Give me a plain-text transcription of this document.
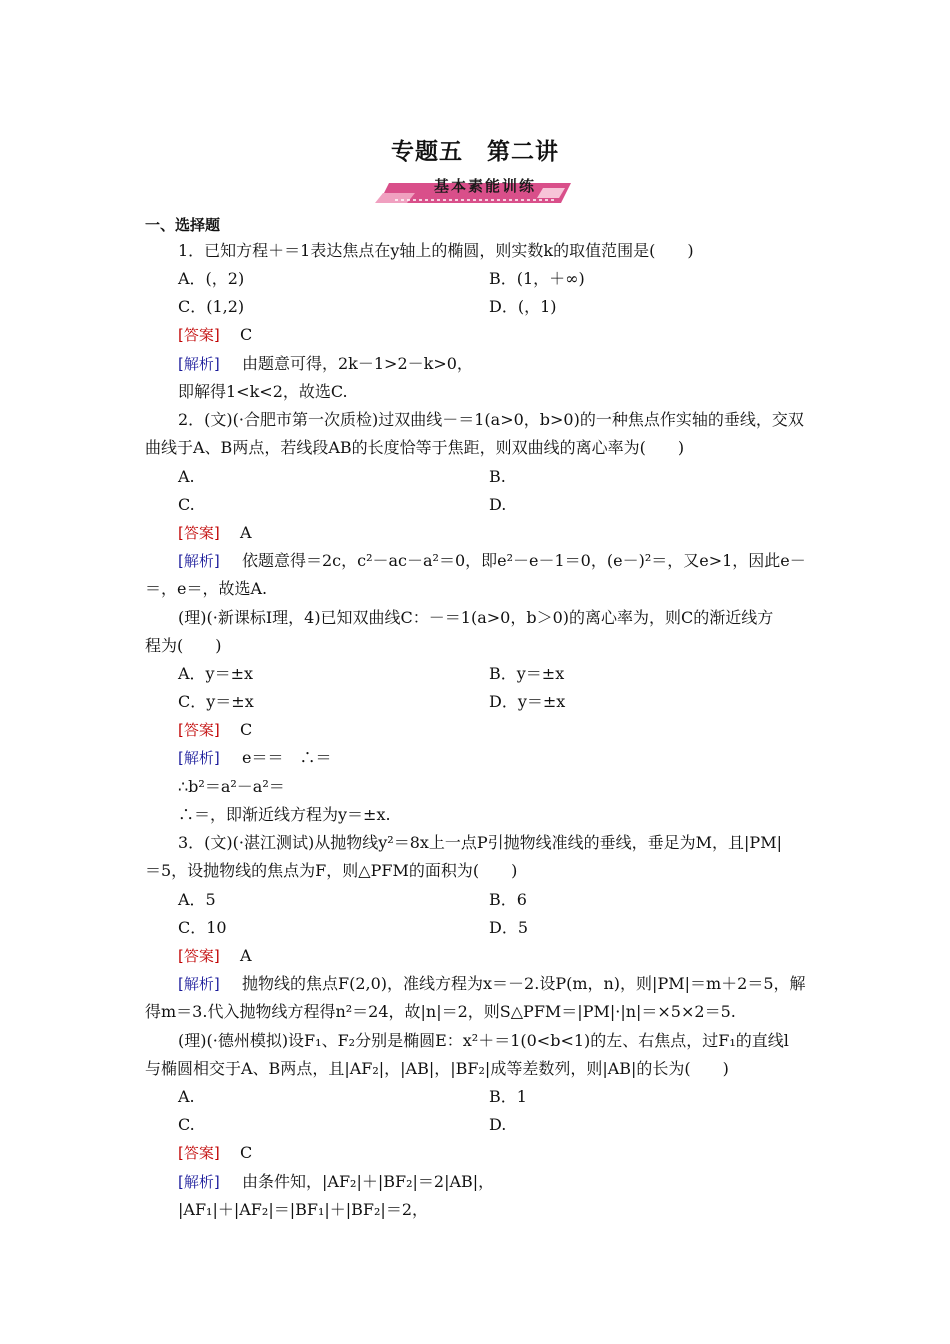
专题五　第二讲
基本素能训练
一、选择题
1．已知方程＋＝1表达焦点在y轴上的椭圆，则实数k的取值范围是(　　)
A．(，2)	B．(1，＋∞)
C．(1,2)	D．(，1)
[答案] C
[解析] 由题意可得，2k－1>2－k>0，
即解得1<k<2，故选C.
2．(文)(·合肥市第一次质检)过双曲线－＝1(a>0，b>0)的一种焦点作实轴的垂线，交双
曲线于A、B两点，若线段AB的长度恰等于焦距，则双曲线的离心率为(　　)
A.	B.
C.	D.
[答案] A
[解析] 依题意得＝2c，c²－ac－a²＝0，即e²－e－1＝0，(e－)²＝，又e>1，因此e－
＝，e＝，故选A.
(理)(·新课标Ⅰ理，4)已知双曲线C：－＝1(a>0，b＞0)的离心率为，则C的渐近线方
程为(　　)
A．y＝±x	B．y＝±x
C．y＝±x	D．y＝±x
[答案] C
[解析] e＝＝　∴＝
∴b²＝a²－a²＝
∴＝，即渐近线方程为y＝±x.
3．(文)(·湛江测试)从抛物线y²＝8x上一点P引抛物线准线的垂线，垂足为M，且|PM|
＝5，设抛物线的焦点为F，则△PFM的面积为(　　)
A．5	B．6
C．10	D．5
[答案] A
[解析] 抛物线的焦点F(2,0)，准线方程为x＝－2.设P(m，n)，则|PM|＝m＋2＝5，解
得m＝3.代入抛物线方程得n²＝24，故|n|＝2，则S△PFM＝|PM|·|n|＝×5×2＝5.
(理)(·德州模拟)设F₁、F₂分别是椭圆E：x²＋＝1(0<b<1)的左、右焦点，过F₁的直线l
与椭圆相交于A、B两点，且|AF₂|，|AB|，|BF₂|成等差数列，则|AB|的长为(　　)
A.	B．1
C.	D.
[答案] C
[解析] 由条件知，|AF₂|＋|BF₂|＝2|AB|，
|AF₁|＋|AF₂|＝|BF₁|＋|BF₂|＝2，
